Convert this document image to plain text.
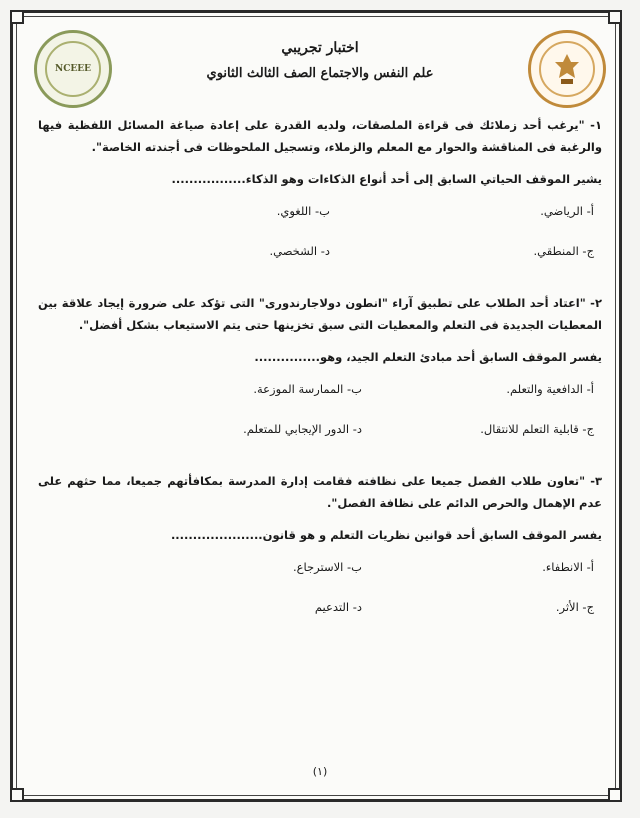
NCEEE
اختبار تجريبي
علم النفس والاجتماع الصف الثالث الثانوي

١- "يرغب أحد زملائك فى قراءة الملصقات، ولديه القدرة على إعادة صياغة المسائل اللفظية فيها والرغبة فى المناقشة والحوار مع المعلم والزملاء، وتسجيل الملحوظات فى أجندته الخاصة".

يشير الموقف الحياتي السابق إلى أحد أنواع الذكاءات وهو الذكاء.................

أ- الرياضي.
ب- اللغوي.
ج- المنطقي.
د- الشخصي.

٢- "اعتاد أحد الطلاب على تطبيق آراء "انطون دولاجارندورى" التى تؤكد على ضرورة إيجاد علاقة بين المعطيات الجديدة فى التعلم والمعطيات التى سبق تخزينها حتى يتم الاستيعاب بشكل أفضل".

يفسر الموقف السابق أحد مبادئ التعلم الجيد، وهو...............

أ- الدافعية والتعلم.
ب- الممارسة الموزعة.
ج- قابلية التعلم للانتقال.
د- الدور الإيجابي للمتعلم.

٣- "تعاون طلاب الفصل جميعا على نظافته فقامت إدارة المدرسة بمكافأتهم جميعا، مما حثهم على عدم الإهمال والحرص الدائم على نظافة الفصل".

يفسر الموقف السابق أحد قوانين نظريات التعلم و هو قانون.....................

أ- الانطفاء.
ب- الاسترجاع.
ج- الأثر.
د- التدعيم
(١)
